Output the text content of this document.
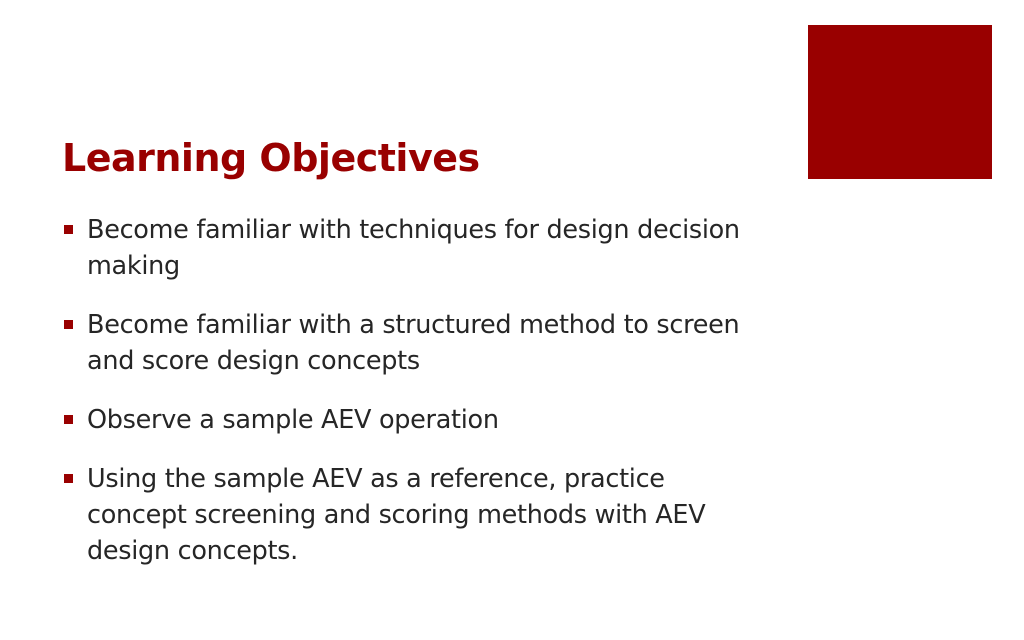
Learning Objectives
Become familiar with techniques for design decision making
Become familiar with a structured method to screen and score design concepts
Observe a sample AEV operation
Using the sample AEV as a reference, practice concept screening and scoring methods with AEV design concepts.
